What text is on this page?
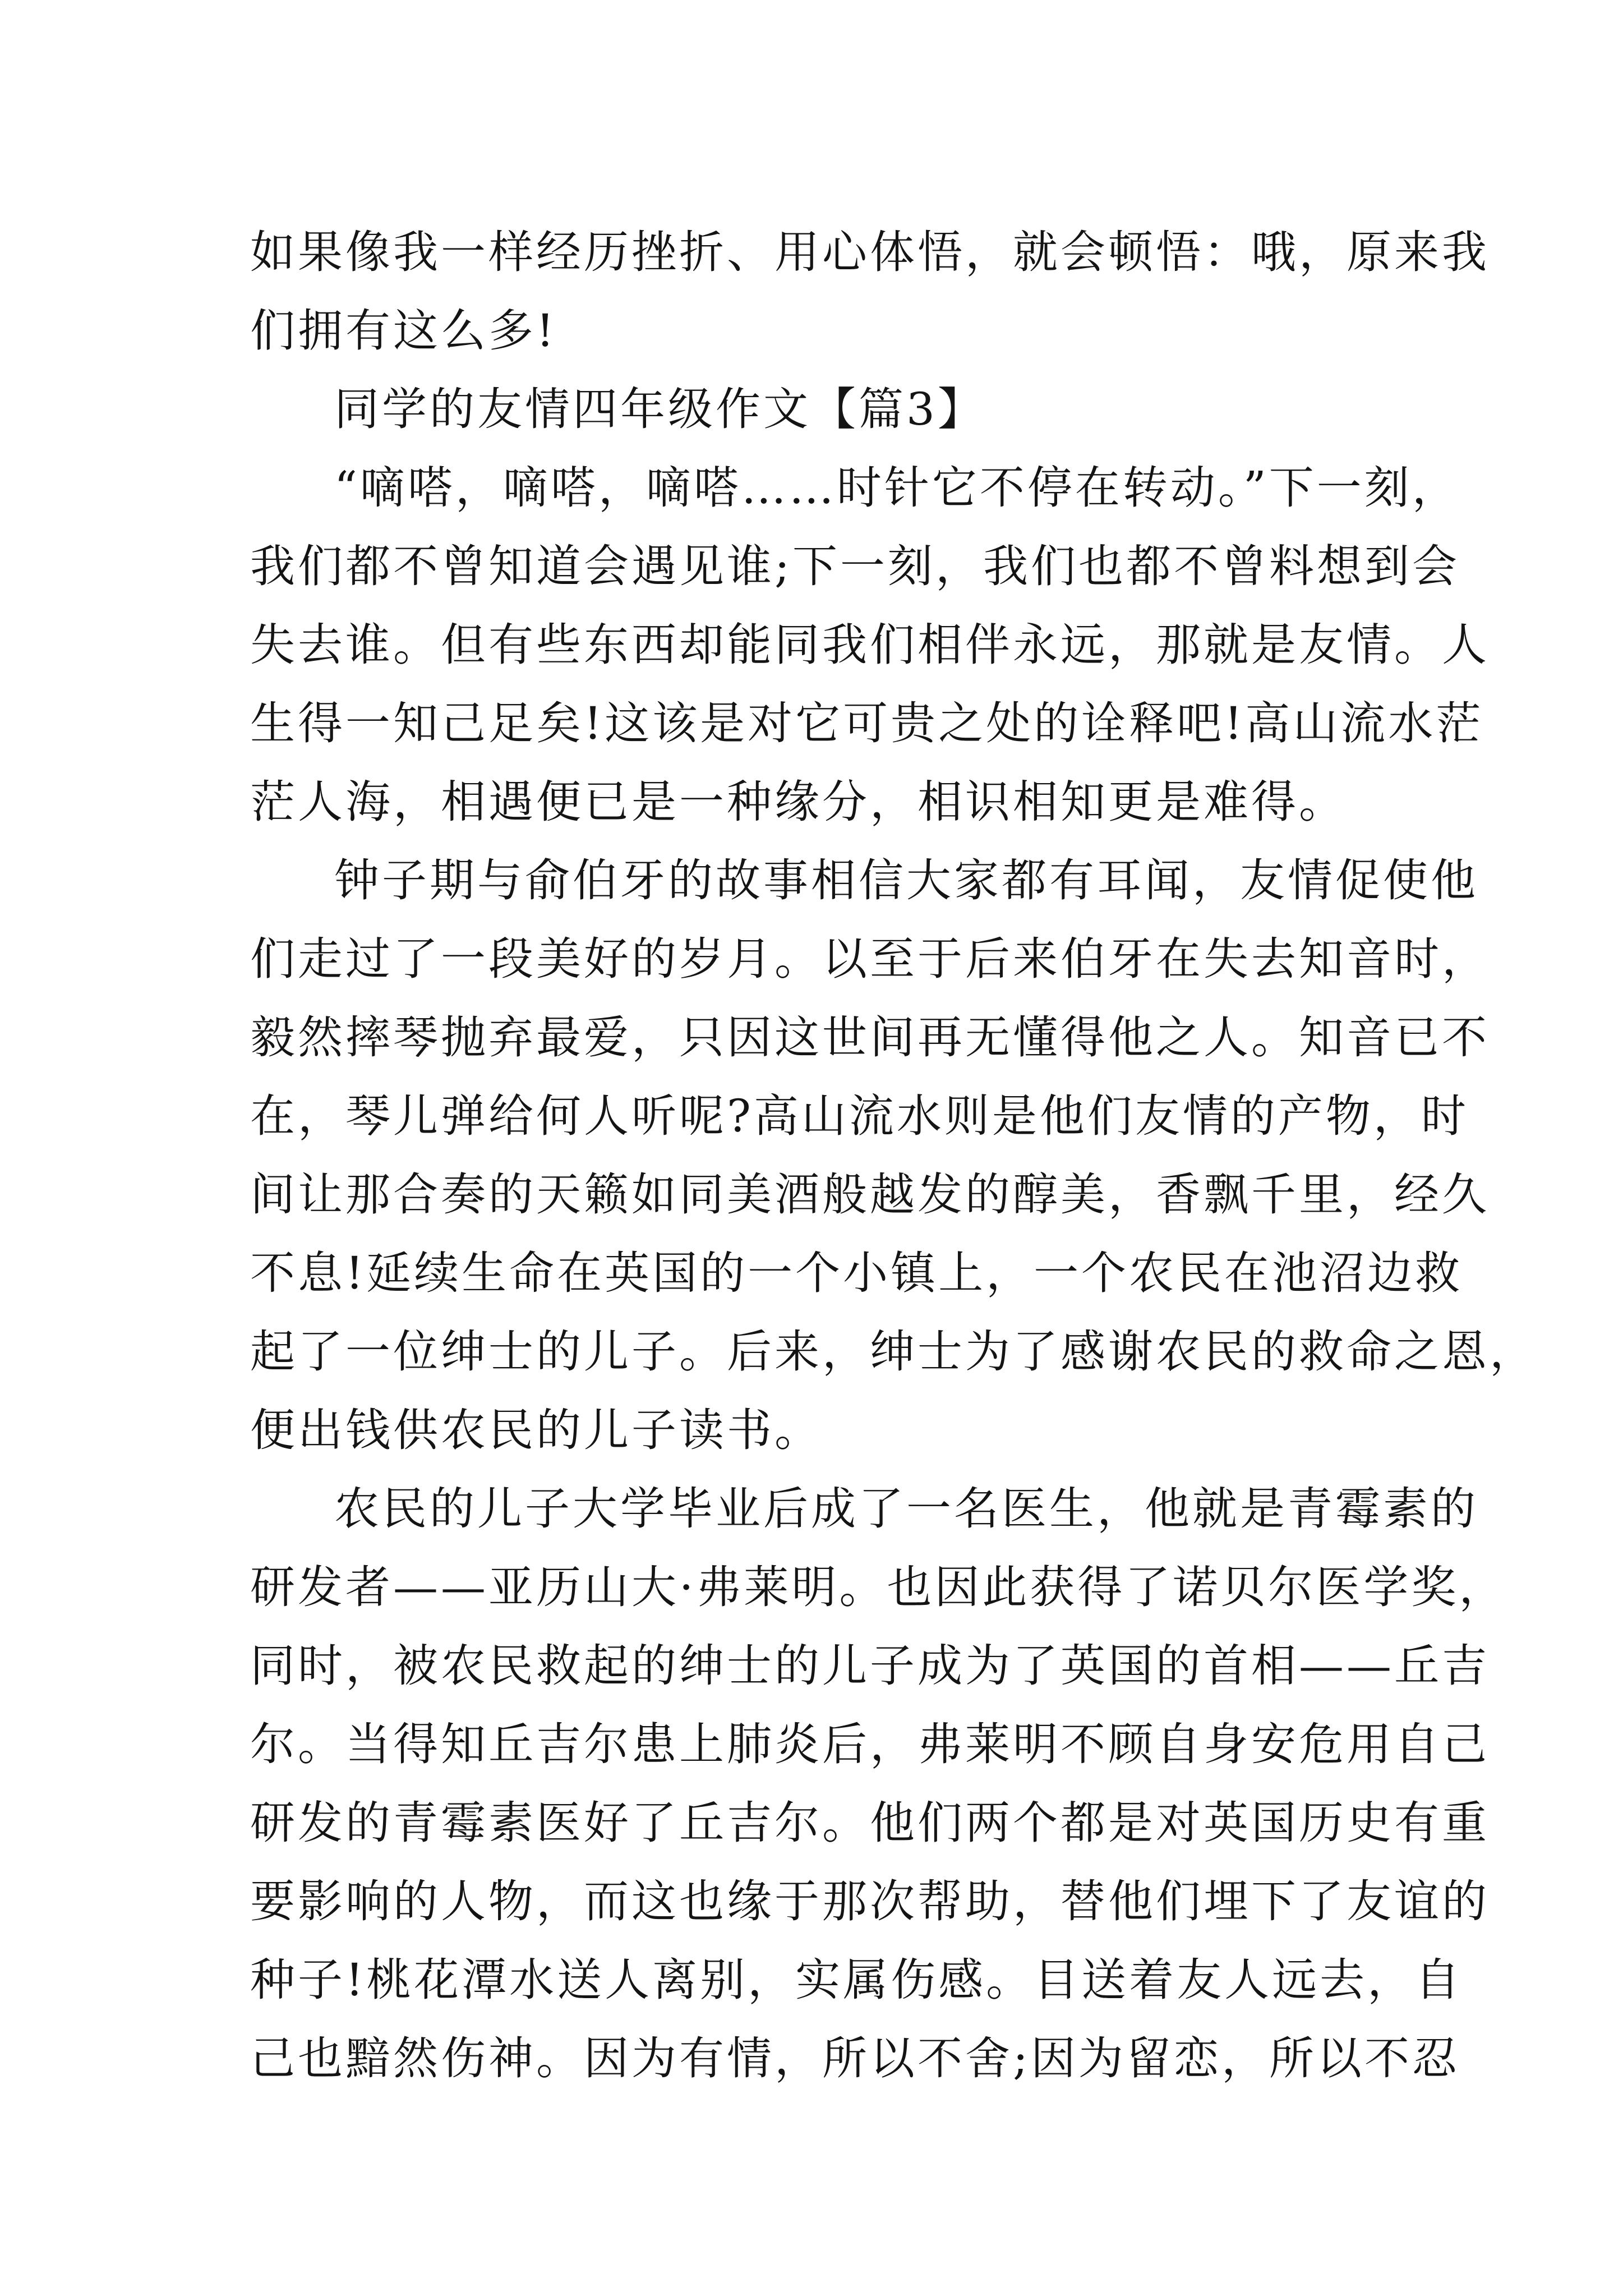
如果像我一样经历挫折、用心体悟，就会顿悟：哦，原来我
们拥有这么多!
同学的友情四年级作文【篇3】
“嘀嗒，嘀嗒，嘀嗒……时针它不停在转动。”下一刻，
我们都不曾知道会遇见谁;下一刻，我们也都不曾料想到会
失去谁。但有些东西却能同我们相伴永远，那就是友情。人
生得一知己足矣!这该是对它可贵之处的诠释吧!高山流水茫
茫人海，相遇便已是一种缘分，相识相知更是难得。
钟子期与俞伯牙的故事相信大家都有耳闻，友情促使他
们走过了一段美好的岁月。以至于后来伯牙在失去知音时，
毅然摔琴抛弃最爱，只因这世间再无懂得他之人。知音已不
在，琴儿弹给何人听呢?高山流水则是他们友情的产物，时
间让那合奏的天籁如同美酒般越发的醇美，香飘千里，经久
不息!延续生命在英国的一个小镇上，一个农民在池沼边救
起了一位绅士的儿子。后来，绅士为了感谢农民的救命之恩，
便出钱供农民的儿子读书。
农民的儿子大学毕业后成了一名医生，他就是青霉素的
研发者——亚历山大·弗莱明。也因此获得了诺贝尔医学奖，
同时，被农民救起的绅士的儿子成为了英国的首相——丘吉
尔。当得知丘吉尔患上肺炎后，弗莱明不顾自身安危用自己
研发的青霉素医好了丘吉尔。他们两个都是对英国历史有重
要影响的人物，而这也缘于那次帮助，替他们埋下了友谊的
种子!桃花潭水送人离别，实属伤感。目送着友人远去，自
己也黯然伤神。因为有情，所以不舍;因为留恋，所以不忍
